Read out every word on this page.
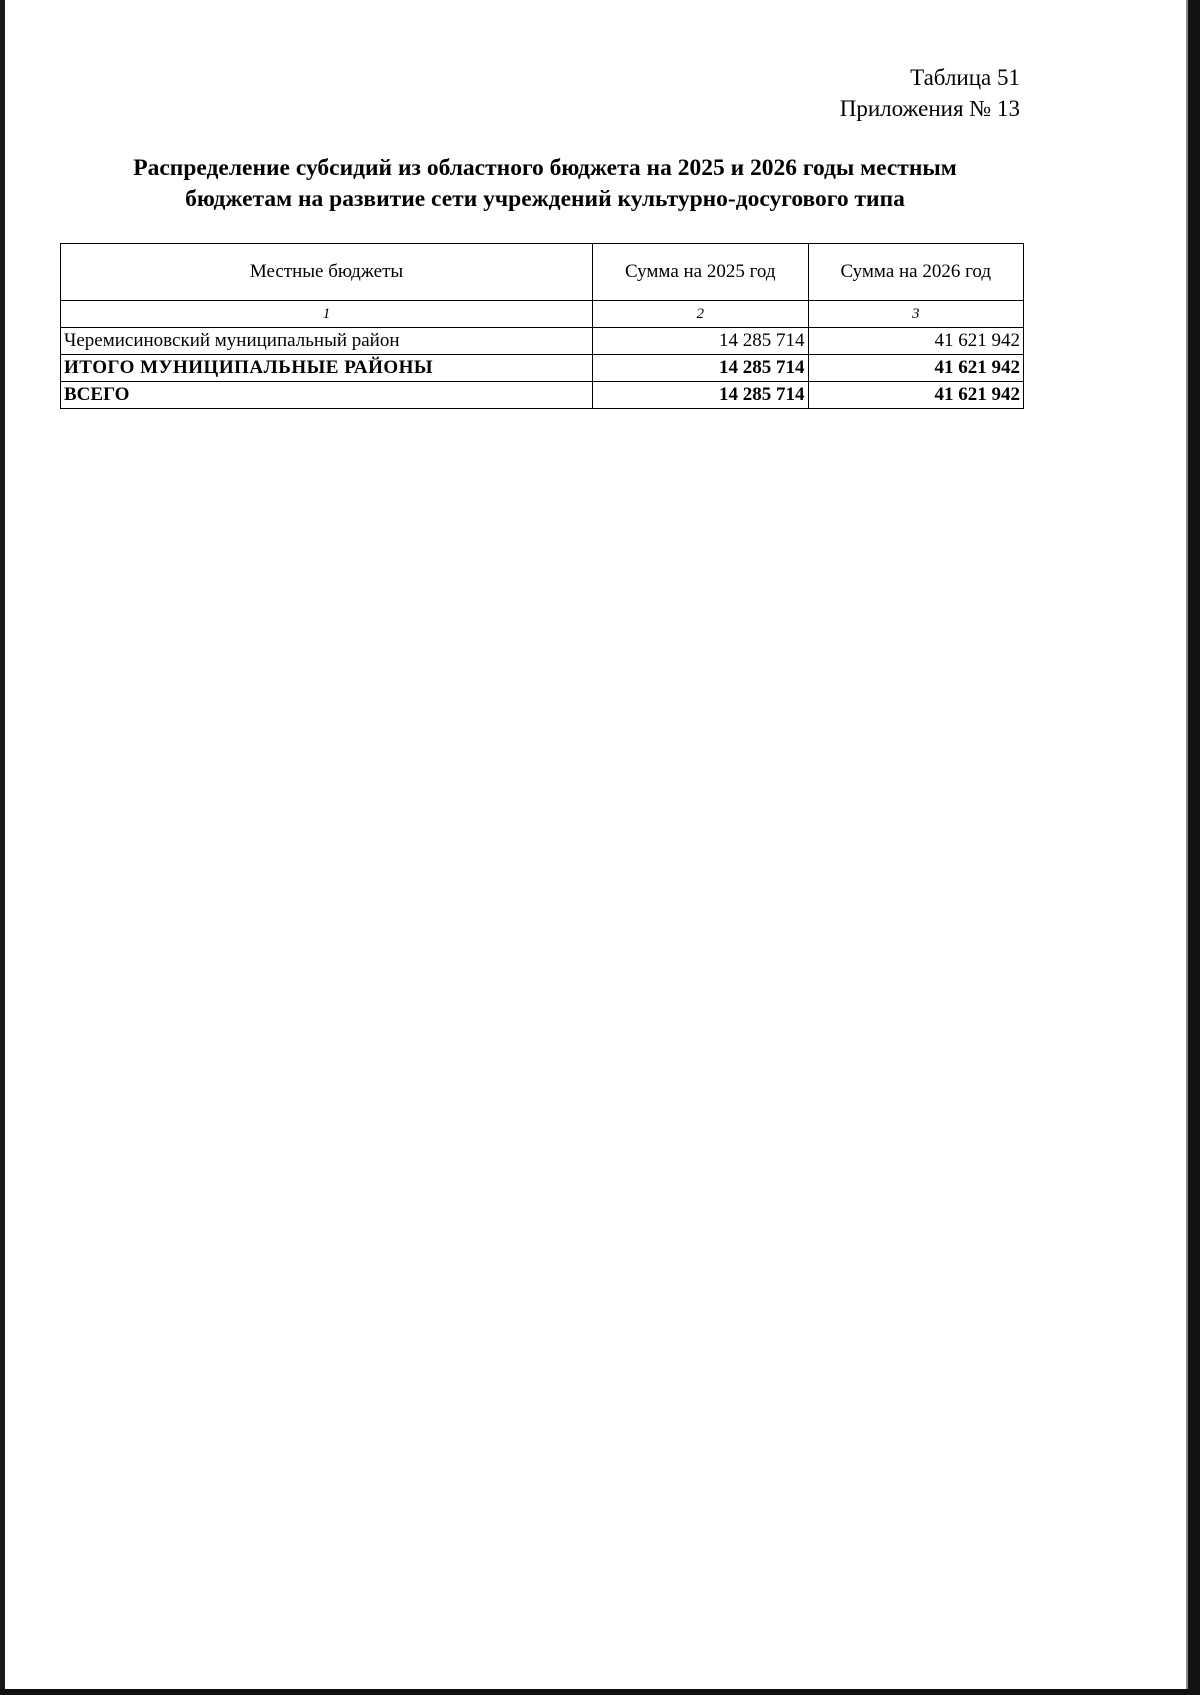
Таблица 51
Приложения № 13
Распределение субсидий из областного бюджета на 2025 и 2026 годы местным
бюджетам на развитие сети учреждений культурно-досугового типа
Местные бюджеты	Сумма на 2025 год	Сумма на 2026 год
1	2	3
Черемисиновский муниципальный район	14 285 714	41 621 942
ИТОГО МУНИЦИПАЛЬНЫЕ РАЙОНЫ	14 285 714	41 621 942
ВСЕГО	14 285 714	41 621 942
